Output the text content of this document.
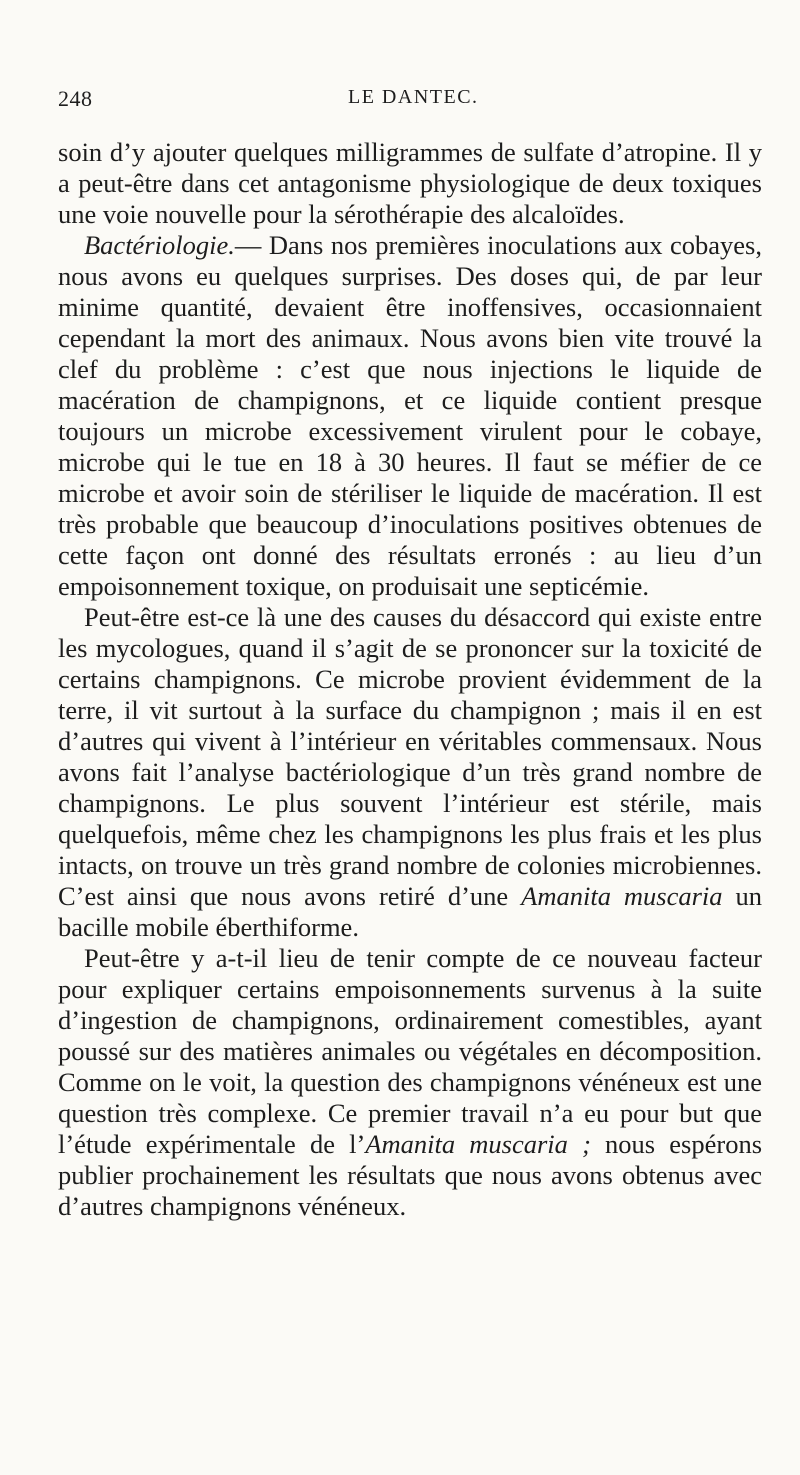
248	LE DANTEC.

soin d’y ajouter quelques milligrammes de sulfate d’atropine. Il y a peut-être dans cet antagonisme physiologique de deux toxiques une voie nouvelle pour la sérothérapie des alcaloïdes.

Bactériologie.— Dans nos premières inoculations aux cobayes, nous avons eu quelques surprises. Des doses qui, de par leur minime quantité, devaient être inoffensives, occasionnaient cependant la mort des animaux. Nous avons bien vite trouvé la clef du problème : c’est que nous injections le liquide de macération de champignons, et ce liquide contient presque toujours un microbe excessivement virulent pour le cobaye, microbe qui le tue en 18 à 30 heures. Il faut se méfier de ce microbe et avoir soin de stériliser le liquide de macération. Il est très probable que beaucoup d’inoculations positives obtenues de cette façon ont donné des résultats erronés : au lieu d’un empoisonnement toxique, on produisait une septicémie.

Peut-être est-ce là une des causes du désaccord qui existe entre les mycologues, quand il s’agit de se prononcer sur la toxicité de certains champignons. Ce microbe provient évidemment de la terre, il vit surtout à la surface du champignon ; mais il en est d’autres qui vivent à l’intérieur en véritables commensaux. Nous avons fait l’analyse bactériologique d’un très grand nombre de champignons. Le plus souvent l’intérieur est stérile, mais quelquefois, même chez les champignons les plus frais et les plus intacts, on trouve un très grand nombre de colonies microbiennes. C’est ainsi que nous avons retiré d’une Amanita muscaria un bacille mobile éberthiforme.

Peut-être y a-t-il lieu de tenir compte de ce nouveau facteur pour expliquer certains empoisonnements survenus à la suite d’ingestion de champignons, ordinairement comestibles, ayant poussé sur des matières animales ou végétales en décomposition. Comme on le voit, la question des champignons vénéneux est une question très complexe. Ce premier travail n’a eu pour but que l’étude expérimentale de l’Amanita muscaria ; nous espérons publier prochainement les résultats que nous avons obtenus avec d’autres champignons vénéneux.
